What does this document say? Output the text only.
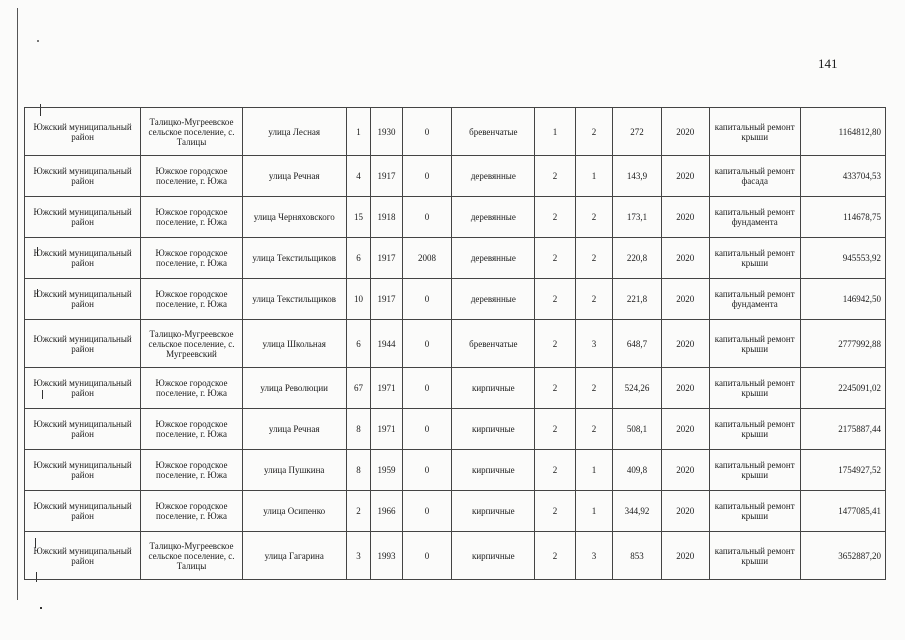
141
Южский муниципальный район	Талицко-Мугреевское сельское поселение, с. Талицы	улица Лесная	1	1930	0	бревенчатые	1	2	272	2020	капитальный ремонт крыши	1164812,80
Южский муниципальный район	Южское городское поселение, г. Южа	улица Речная	4	1917	0	деревянные	2	1	143,9	2020	капитальный ремонт фасада	433704,53
Южский муниципальный район	Южское городское поселение, г. Южа	улица Черняховского	15	1918	0	деревянные	2	2	173,1	2020	капитальный ремонт фундамента	114678,75
Южский муниципальный район	Южское городское поселение, г. Южа	улица Текстильщиков	6	1917	2008	деревянные	2	2	220,8	2020	капитальный ремонт крыши	945553,92
Южский муниципальный район	Южское городское поселение, г. Южа	улица Текстильщиков	10	1917	0	деревянные	2	2	221,8	2020	капитальный ремонт фундамента	146942,50
Южский муниципальный район	Талицко-Мугреевское сельское поселение, с. Мугреевский	улица Школьная	6	1944	0	бревенчатые	2	3	648,7	2020	капитальный ремонт крыши	2777992,88
Южский муниципальный район	Южское городское поселение, г. Южа	улица Революции	67	1971	0	кирпичные	2	2	524,26	2020	капитальный ремонт крыши	2245091,02
Южский муниципальный район	Южское городское поселение, г. Южа	улица Речная	8	1971	0	кирпичные	2	2	508,1	2020	капитальный ремонт крыши	2175887,44
Южский муниципальный район	Южское городское поселение, г. Южа	улица Пушкина	8	1959	0	кирпичные	2	1	409,8	2020	капитальный ремонт крыши	1754927,52
Южский муниципальный район	Южское городское поселение, г. Южа	улица Осипенко	2	1966	0	кирпичные	2	1	344,92	2020	капитальный ремонт крыши	1477085,41
Южский муниципальный район	Талицко-Мугреевское сельское поселение, с. Талицы	улица Гагарина	3	1993	0	кирпичные	2	3	853	2020	капитальный ремонт крыши	3652887,20
